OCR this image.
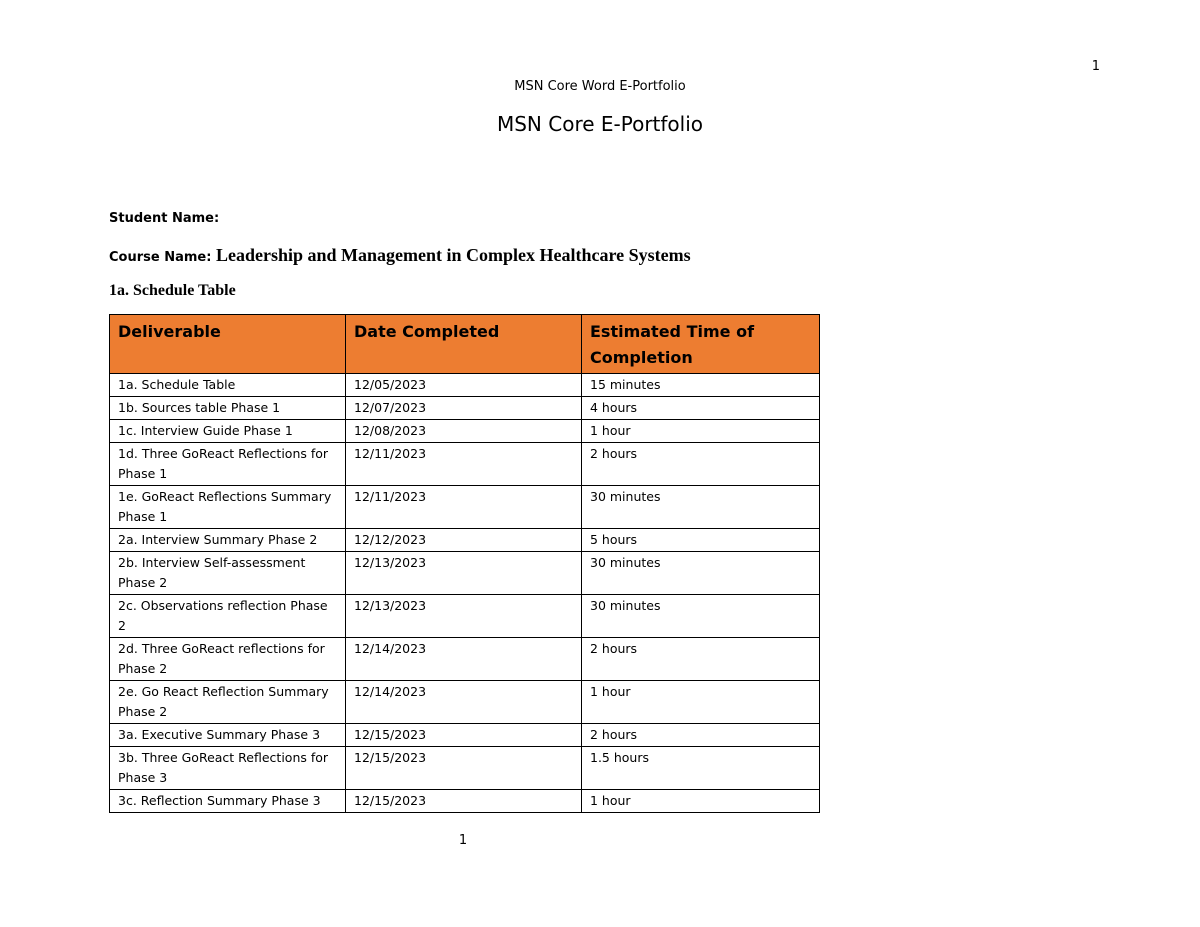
1
MSN Core Word E-Portfolio
MSN Core E-Portfolio
Student Name:
Course Name: Leadership and Management in Complex Healthcare Systems
1a. Schedule Table
Deliverable	Date Completed	Estimated Time of Completion
1a. Schedule Table	12/05/2023	15 minutes
1b. Sources table Phase 1	12/07/2023	4 hours
1c. Interview Guide Phase 1	12/08/2023	1 hour
1d. Three GoReact Reflections for Phase 1	12/11/2023	2 hours
1e. GoReact Reflections Summary Phase 1	12/11/2023	30 minutes
2a. Interview Summary Phase 2	12/12/2023	5 hours
2b. Interview Self-assessment Phase 2	12/13/2023	30 minutes
2c. Observations reflection Phase 2	12/13/2023	30 minutes
2d. Three GoReact reflections for Phase 2	12/14/2023	2 hours
2e. Go React Reflection Summary Phase 2	12/14/2023	1 hour
3a. Executive Summary Phase 3	12/15/2023	2 hours
3b. Three GoReact Reflections for Phase 3	12/15/2023	1.5 hours
3c. Reflection Summary Phase 3	12/15/2023	1 hour
1
